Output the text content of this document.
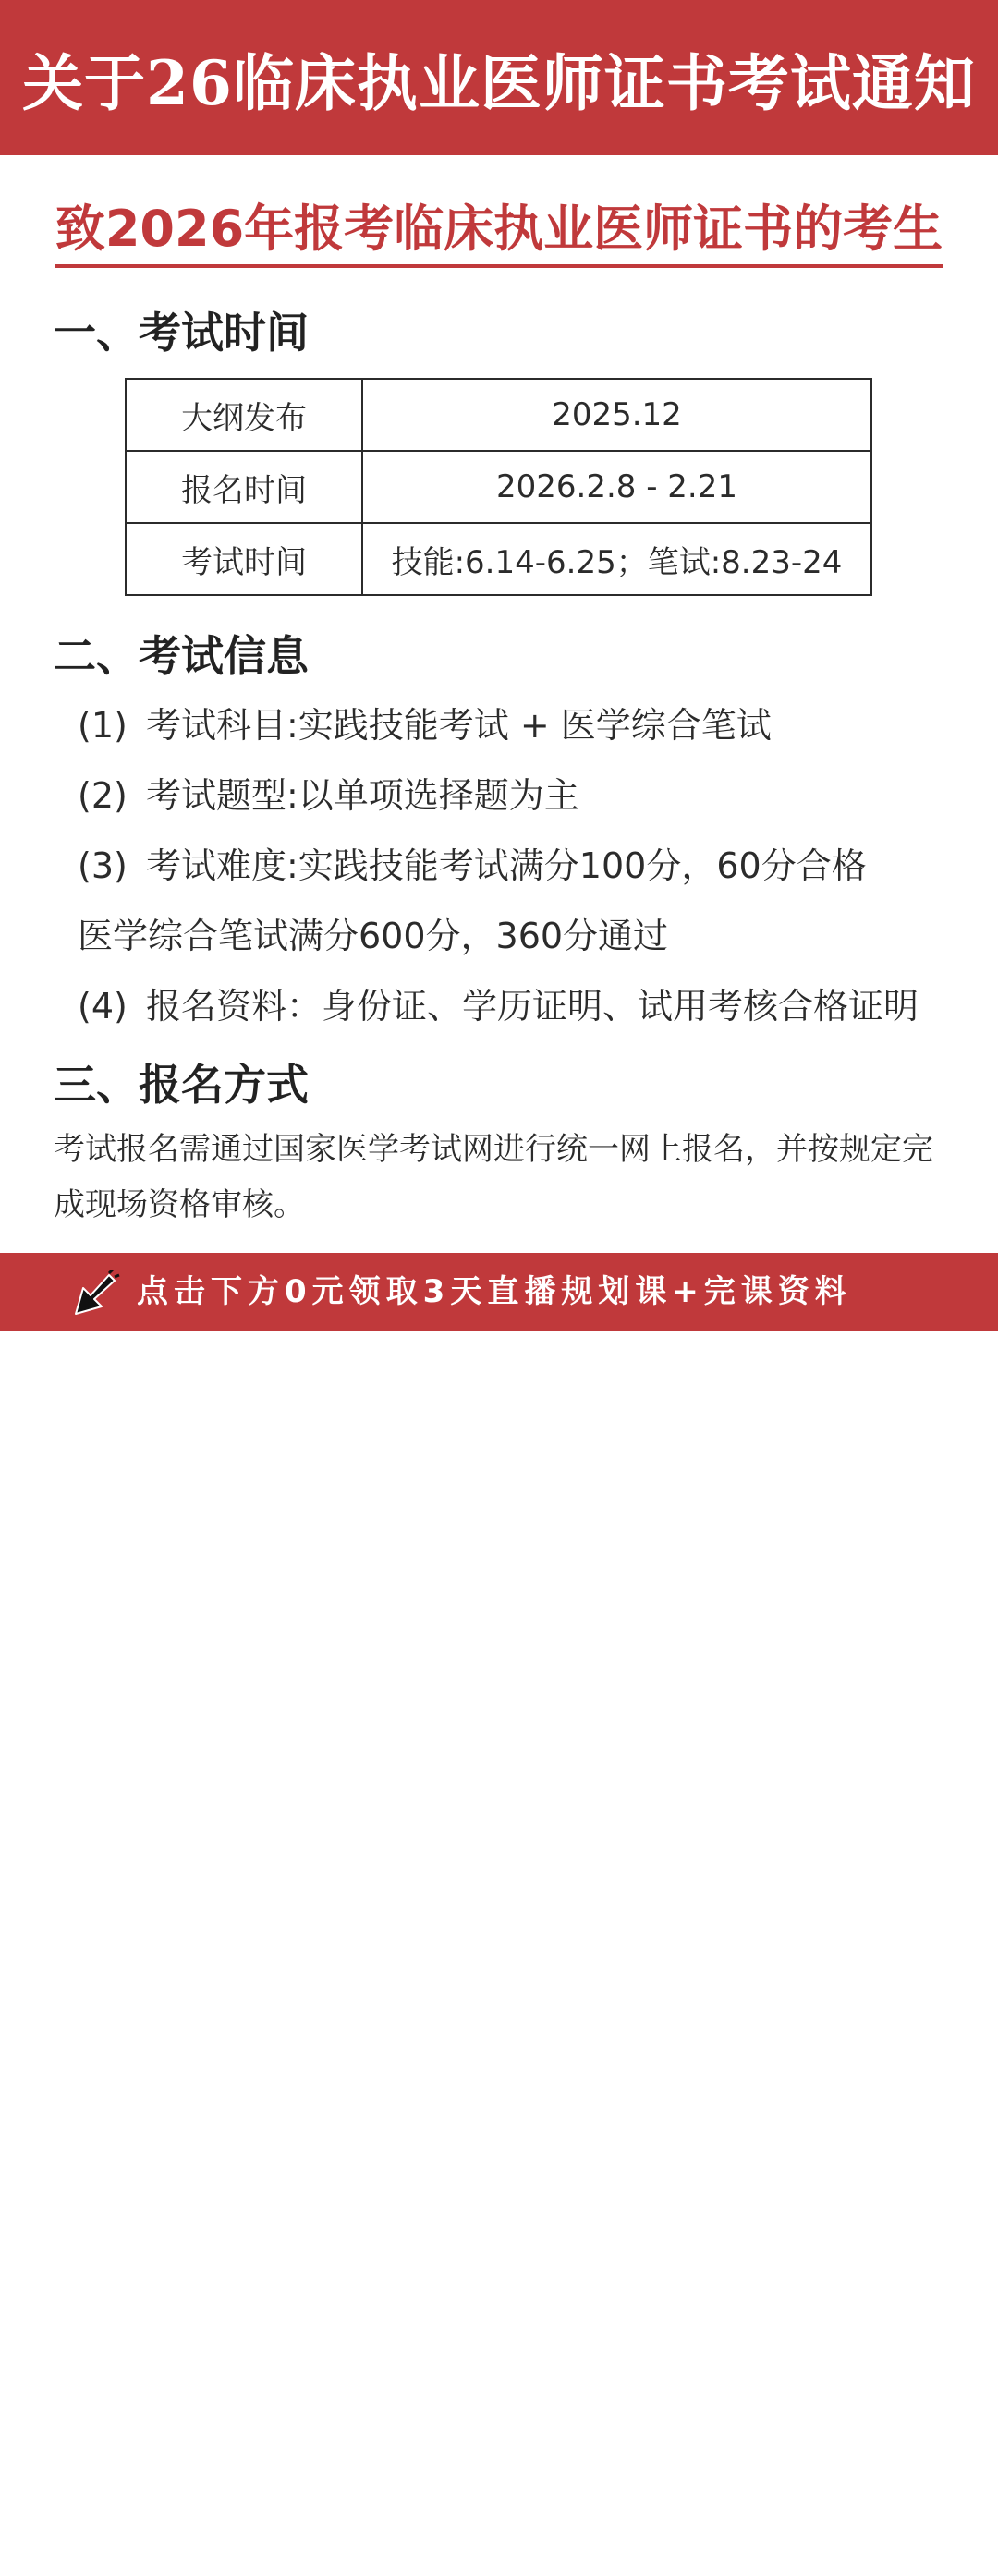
关于26临床执业医师证书考试通知
致2026年报考临床执业医师证书的考生
一、考试时间
大纲发布	2025.12
报名时间	2026.2.8 - 2.21
考试时间	技能:6.14-6.25；笔试:8.23-24
二、考试信息
(1) 考试科目:实践技能考试 + 医学综合笔试
(2) 考试题型:以单项选择题为主
(3) 考试难度:实践技能考试满分100分，60分合格
医学综合笔试满分600分，360分通过
(4) 报名资料：身份证、学历证明、试用考核合格证明
三、报名方式
考试报名需通过国家医学考试网进行统一网上报名，并按规定完成现场资格审核。
点击下方0元领取3天直播规划课+完课资料
